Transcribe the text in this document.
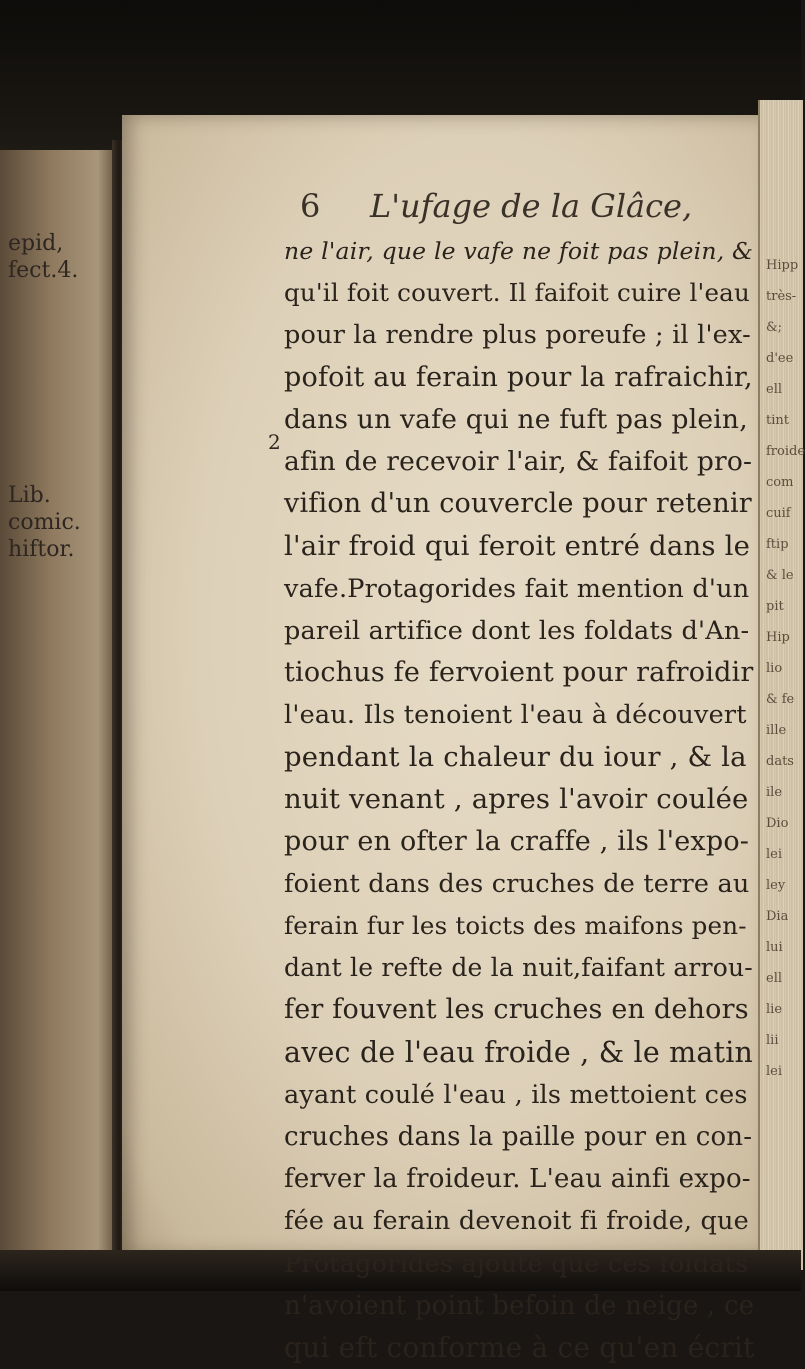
6 L'ufage de la Glâce,
epid,
fect.4.
Lib.
comic.
hiftor.
2
ne l'air, que le vafe ne foit pas plein, &
qu'il foit couvert. Il faifoit cuire l'eau
pour la rendre plus poreufe ; il l'ex-
pofoit au ferain pour la rafraichir,
dans un vafe qui ne fuft pas plein,
afin de recevoir l'air, & faifoit pro-
vifion d'un couvercle pour retenir
l'air froid qui feroit entré dans le
vafe.Protagorides fait mention d'un
pareil artifice dont les foldats d'An-
tiochus fe fervoient pour rafroidir
l'eau. Ils tenoient l'eau à découvert
pendant la chaleur du iour , & la
nuit venant , apres l'avoir coulée
pour en ofter la craffe , ils l'expo-
foient dans des cruches de terre au
ferain fur les toicts des maifons pen-
dant le refte de la nuit,faifant arrou-
fer fouvent les cruches en dehors
avec de l'eau froide , & le matin
ayant coulé l'eau , ils mettoient ces
cruches dans la paille pour en con-
ferver la froideur. L'eau ainfi expo-
fée au ferain devenoit fi froide, que
Protagorides ajoûte que ces foldats
n'avoient point befoin de neige , ce
qui eft conforme à ce qu'en écrit
Hipp
très-
&;
d'ee
ell
tint
froide
com
cuif
ftip
& le
pit
Hip
lio
& fe
ille
dats
ile
Dio
lei
ley
Dia
lui
ell
lie
lii
lei
